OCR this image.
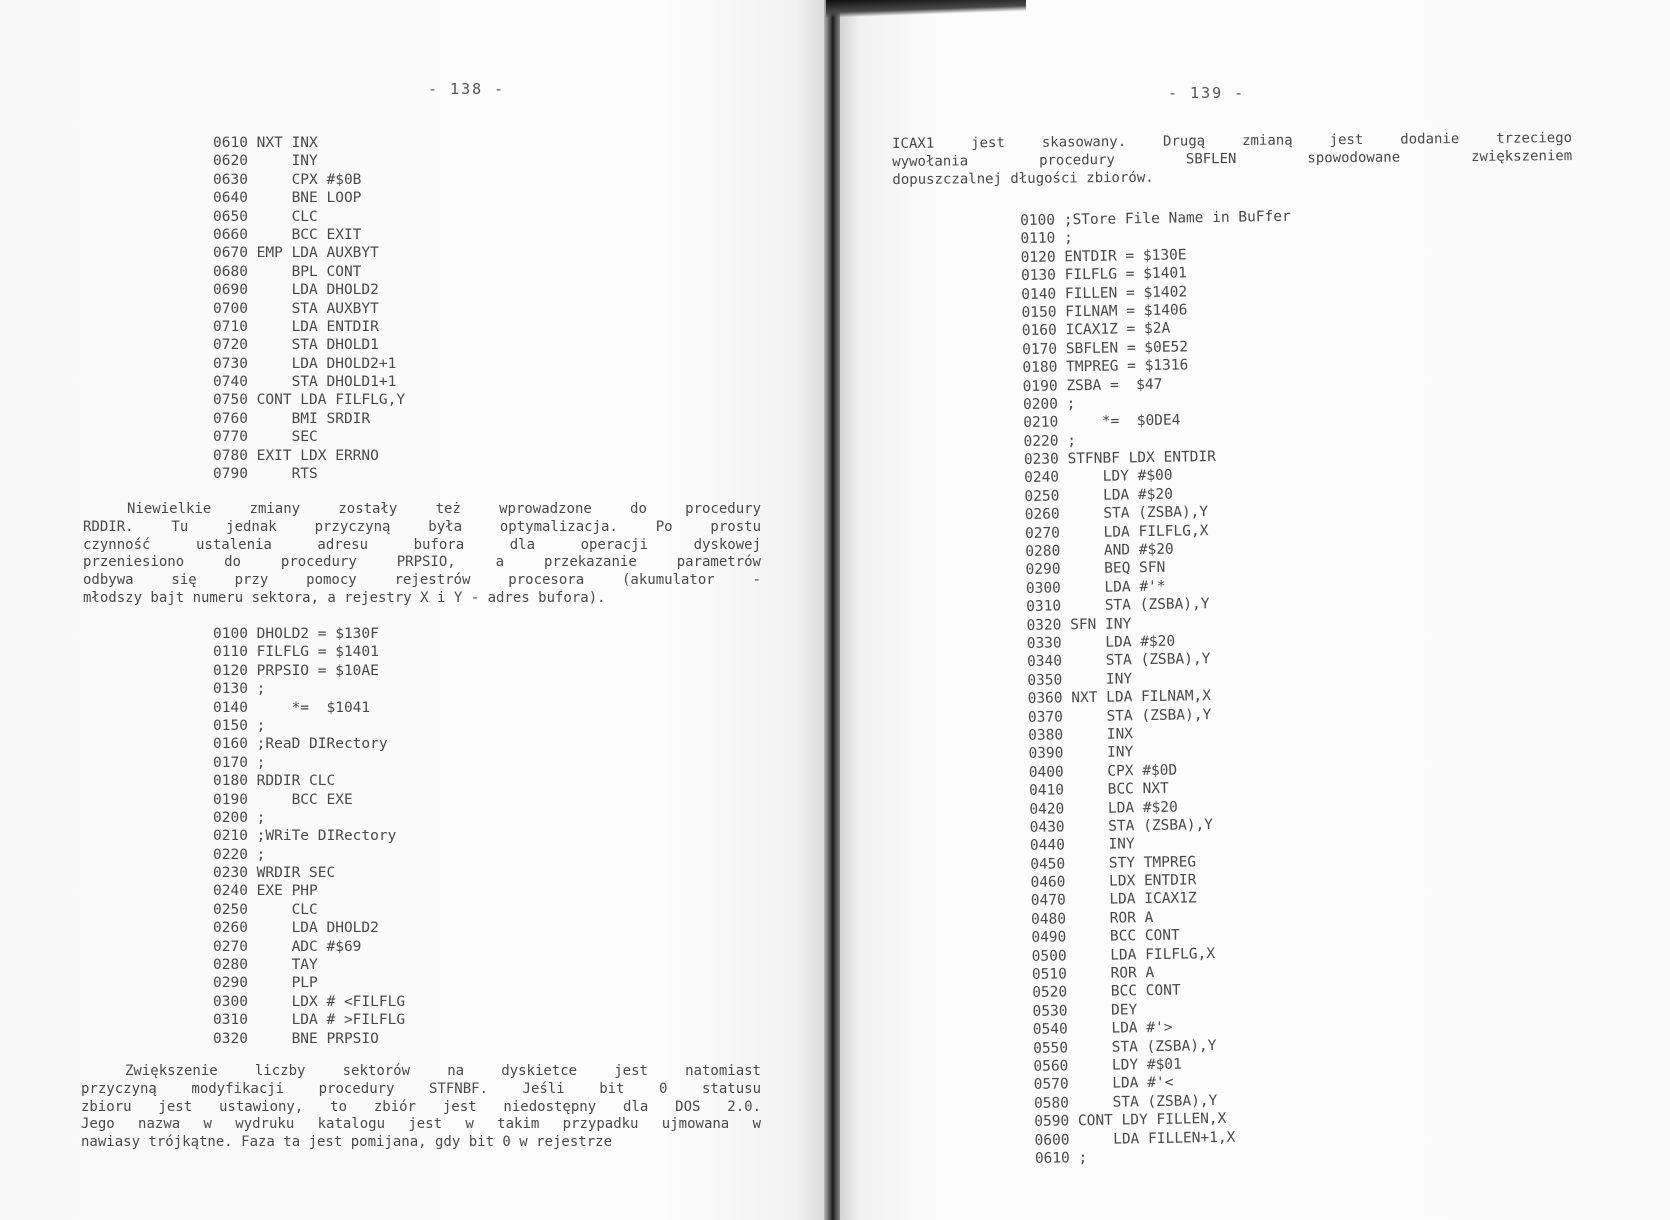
- 138 -
0610 NXT INX
0620     INY
0630     CPX #$0B
0640     BNE LOOP
0650     CLC
0660     BCC EXIT
0670 EMP LDA AUXBYT
0680     BPL CONT
0690     LDA DHOLD2
0700     STA AUXBYT
0710     LDA ENTDIR
0720     STA DHOLD1
0730     LDA DHOLD2+1
0740     STA DHOLD1+1
0750 CONT LDA FILFLG,Y
0760     BMI SRDIR
0770     SEC
0780 EXIT LDX ERRNO
0790     RTS
Niewielkie zmiany zostały też wprowadzone do procedury
RDDIR. Tu jednak przyczyną była optymalizacja. Po prostu
czynność ustalenia adresu bufora dla operacji dyskowej
przeniesiono do procedury PRPSIO, a przekazanie parametrów
odbywa się przy pomocy rejestrów procesora (akumulator -
młodszy bajt numeru sektora, a rejestry X i Y - adres bufora).
0100 DHOLD2 = $130F
0110 FILFLG = $1401
0120 PRPSIO = $10AE
0130 ;
0140     *=  $1041
0150 ;
0160 ;ReaD DIRectory
0170 ;
0180 RDDIR CLC
0190     BCC EXE
0200 ;
0210 ;WRiTe DIRectory
0220 ;
0230 WRDIR SEC
0240 EXE PHP
0250     CLC
0260     LDA DHOLD2
0270     ADC #$69
0280     TAY
0290     PLP
0300     LDX # <FILFLG
0310     LDA # >FILFLG
0320     BNE PRPSIO
Zwiększenie liczby sektorów na dyskietce jest natomiast
przyczyną modyfikacji procedury STFNBF. Jeśli bit 0 statusu
zbioru jest ustawiony, to zbiór jest niedostępny dla DOS 2.0.
Jego nazwa w wydruku katalogu jest w takim przypadku ujmowana w
nawiasy trójkątne. Faza ta jest pomijana, gdy bit 0 w rejestrze
- 139 -
ICAX1 jest skasowany. Drugą zmianą jest dodanie trzeciego
wywołania procedury SBFLEN spowodowane zwiększeniem
dopuszczalnej długości zbiorów.
0100 ;STore File Name in BuFfer
0110 ;
0120 ENTDIR = $130E
0130 FILFLG = $1401
0140 FILLEN = $1402
0150 FILNAM = $1406
0160 ICAX1Z = $2A
0170 SBFLEN = $0E52
0180 TMPREG = $1316
0190 ZSBA =  $47
0200 ;
0210     *=  $0DE4
0220 ;
0230 STFNBF LDX ENTDIR
0240     LDY #$00
0250     LDA #$20
0260     STA (ZSBA),Y
0270     LDA FILFLG,X
0280     AND #$20
0290     BEQ SFN
0300     LDA #'*
0310     STA (ZSBA),Y
0320 SFN INY
0330     LDA #$20
0340     STA (ZSBA),Y
0350     INY
0360 NXT LDA FILNAM,X
0370     STA (ZSBA),Y
0380     INX
0390     INY
0400     CPX #$0D
0410     BCC NXT
0420     LDA #$20
0430     STA (ZSBA),Y
0440     INY
0450     STY TMPREG
0460     LDX ENTDIR
0470     LDA ICAX1Z
0480     ROR A
0490     BCC CONT
0500     LDA FILFLG,X
0510     ROR A
0520     BCC CONT
0530     DEY
0540     LDA #'>
0550     STA (ZSBA),Y
0560     LDY #$01
0570     LDA #'<
0580     STA (ZSBA),Y
0590 CONT LDY FILLEN,X
0600     LDA FILLEN+1,X
0610 ;
